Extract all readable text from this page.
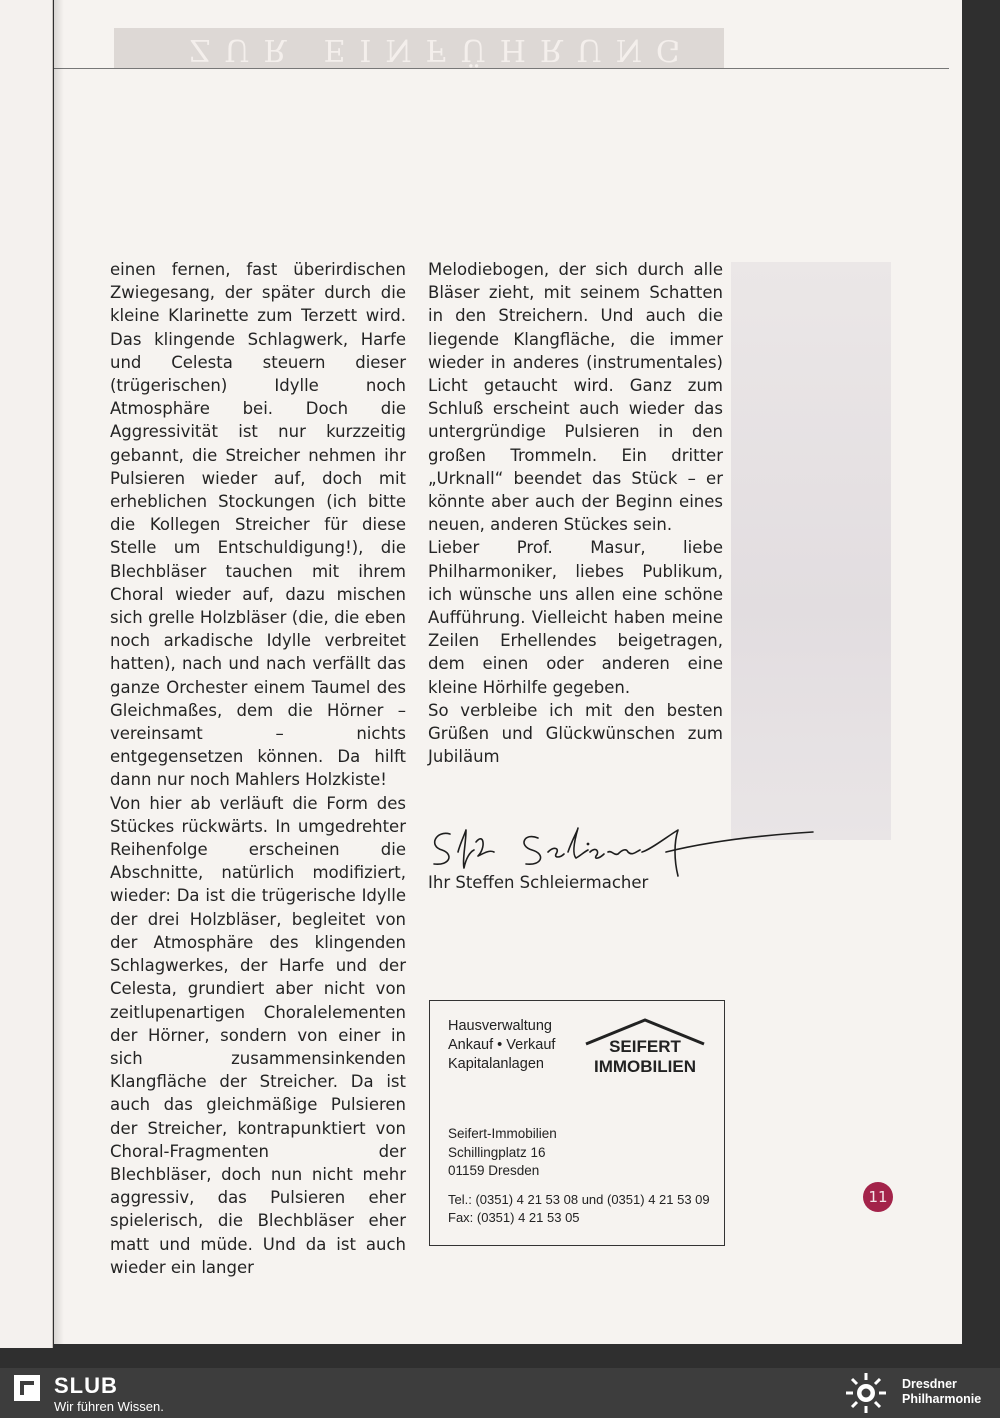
ZUR EINFÜHRUNG

einen fernen, fast überirdischen Zwiegesang, der später durch die kleine Klarinette zum Terzett wird. Das klingende Schlagwerk, Harfe und Celesta steuern dieser (trügerischen) Idylle noch Atmosphäre bei. Doch die Aggressivität ist nur kurzzeitig gebannt, die Streicher nehmen ihr Pulsieren wieder auf, doch mit erheblichen Stockungen (ich bitte die Kollegen Streicher für diese Stelle um Entschuldigung!), die Blechbläser tauchen mit ihrem Choral wieder auf, dazu mischen sich grelle Holzbläser (die, die eben noch arkadische Idylle verbreitet hatten), nach und nach verfällt das ganze Orchester einem Taumel des Gleichmaßes, dem die Hörner – vereinsamt – nichts entgegensetzen können. Da hilft dann nur noch Mahlers Holzkiste!

Von hier ab verläuft die Form des Stückes rückwärts. In umgedrehter Reihenfolge erscheinen die Abschnitte, natürlich modifiziert, wieder: Da ist die trügerische Idylle der drei Holzbläser, begleitet von der Atmosphäre des klingenden Schlagwerkes, der Harfe und der Celesta, grundiert aber nicht von zeitlupenartigen Choralelementen der Hörner, sondern von einer in sich zusammensinkenden Klangfläche der Streicher. Da ist auch das gleichmäßige Pulsieren der Streicher, kontrapunktiert von Choral-Fragmenten der Blechbläser, doch nun nicht mehr aggressiv, das Pulsieren eher spielerisch, die Blechbläser eher matt und müde. Und da ist auch wieder ein langer

Melodiebogen, der sich durch alle Bläser zieht, mit seinem Schatten in den Streichern. Und auch die liegende Klangfläche, die immer wieder in anderes (instrumentales) Licht getaucht wird. Ganz zum Schluß erscheint auch wieder das untergründige Pulsieren in den großen Trommeln. Ein dritter „Urknall“ beendet das Stück – er könnte aber auch der Beginn eines neuen, anderen Stückes sein.

Lieber Prof. Masur, liebe Philharmoniker, liebes Publikum, ich wünsche uns allen eine schöne Aufführung. Vielleicht haben meine Zeilen Erhellendes beigetragen, dem einen oder anderen eine kleine Hörhilfe gegeben.

So verbleibe ich mit den besten Grüßen und Glückwünschen zum Jubiläum

Ihr Steffen Schleiermacher
Hausverwaltung
Ankauf • Verkauf
Kapitalanlagen
SEIFERT
IMMOBILIEN
Seifert-Immobilien
Schillingplatz 16
01159 Dresden
Tel.: (0351) 4 21 53 08 und (0351) 4 21 53 09
Fax: (0351) 4 21 53 05
11
SLUB
Wir führen Wissen.
Dresdner
Philharmonie
